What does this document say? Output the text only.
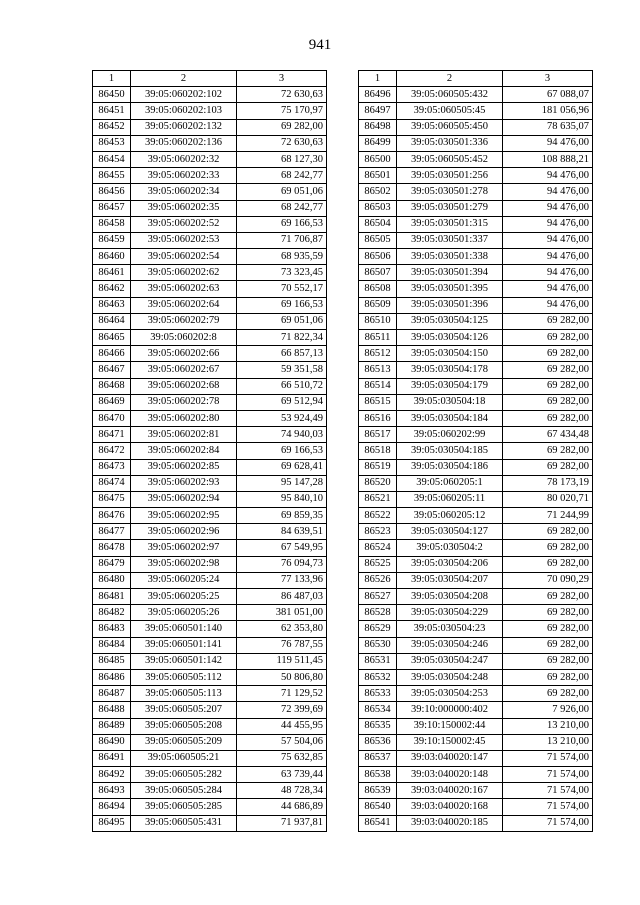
941
1	2	3
86450	39:05:060202:102	72 630,63
86451	39:05:060202:103	75 170,97
86452	39:05:060202:132	69 282,00
86453	39:05:060202:136	72 630,63
86454	39:05:060202:32	68 127,30
86455	39:05:060202:33	68 242,77
86456	39:05:060202:34	69 051,06
86457	39:05:060202:35	68 242,77
86458	39:05:060202:52	69 166,53
86459	39:05:060202:53	71 706,87
86460	39:05:060202:54	68 935,59
86461	39:05:060202:62	73 323,45
86462	39:05:060202:63	70 552,17
86463	39:05:060202:64	69 166,53
86464	39:05:060202:79	69 051,06
86465	39:05:060202:8	71 822,34
86466	39:05:060202:66	66 857,13
86467	39:05:060202:67	59 351,58
86468	39:05:060202:68	66 510,72
86469	39:05:060202:78	69 512,94
86470	39:05:060202:80	53 924,49
86471	39:05:060202:81	74 940,03
86472	39:05:060202:84	69 166,53
86473	39:05:060202:85	69 628,41
86474	39:05:060202:93	95 147,28
86475	39:05:060202:94	95 840,10
86476	39:05:060202:95	69 859,35
86477	39:05:060202:96	84 639,51
86478	39:05:060202:97	67 549,95
86479	39:05:060202:98	76 094,73
86480	39:05:060205:24	77 133,96
86481	39:05:060205:25	86 487,03
86482	39:05:060205:26	381 051,00
86483	39:05:060501:140	62 353,80
86484	39:05:060501:141	76 787,55
86485	39:05:060501:142	119 511,45
86486	39:05:060505:112	50 806,80
86487	39:05:060505:113	71 129,52
86488	39:05:060505:207	72 399,69
86489	39:05:060505:208	44 455,95
86490	39:05:060505:209	57 504,06
86491	39:05:060505:21	75 632,85
86492	39:05:060505:282	63 739,44
86493	39:05:060505:284	48 728,34
86494	39:05:060505:285	44 686,89
86495	39:05:060505:431	71 937,81
1	2	3
86496	39:05:060505:432	67 088,07
86497	39:05:060505:45	181 056,96
86498	39:05:060505:450	78 635,07
86499	39:05:030501:336	94 476,00
86500	39:05:060505:452	108 888,21
86501	39:05:030501:256	94 476,00
86502	39:05:030501:278	94 476,00
86503	39:05:030501:279	94 476,00
86504	39:05:030501:315	94 476,00
86505	39:05:030501:337	94 476,00
86506	39:05:030501:338	94 476,00
86507	39:05:030501:394	94 476,00
86508	39:05:030501:395	94 476,00
86509	39:05:030501:396	94 476,00
86510	39:05:030504:125	69 282,00
86511	39:05:030504:126	69 282,00
86512	39:05:030504:150	69 282,00
86513	39:05:030504:178	69 282,00
86514	39:05:030504:179	69 282,00
86515	39:05:030504:18	69 282,00
86516	39:05:030504:184	69 282,00
86517	39:05:060202:99	67 434,48
86518	39:05:030504:185	69 282,00
86519	39:05:030504:186	69 282,00
86520	39:05:060205:1	78 173,19
86521	39:05:060205:11	80 020,71
86522	39:05:060205:12	71 244,99
86523	39:05:030504:127	69 282,00
86524	39:05:030504:2	69 282,00
86525	39:05:030504:206	69 282,00
86526	39:05:030504:207	70 090,29
86527	39:05:030504:208	69 282,00
86528	39:05:030504:229	69 282,00
86529	39:05:030504:23	69 282,00
86530	39:05:030504:246	69 282,00
86531	39:05:030504:247	69 282,00
86532	39:05:030504:248	69 282,00
86533	39:05:030504:253	69 282,00
86534	39:10:000000:402	7 926,00
86535	39:10:150002:44	13 210,00
86536	39:10:150002:45	13 210,00
86537	39:03:040020:147	71 574,00
86538	39:03:040020:148	71 574,00
86539	39:03:040020:167	71 574,00
86540	39:03:040020:168	71 574,00
86541	39:03:040020:185	71 574,00
